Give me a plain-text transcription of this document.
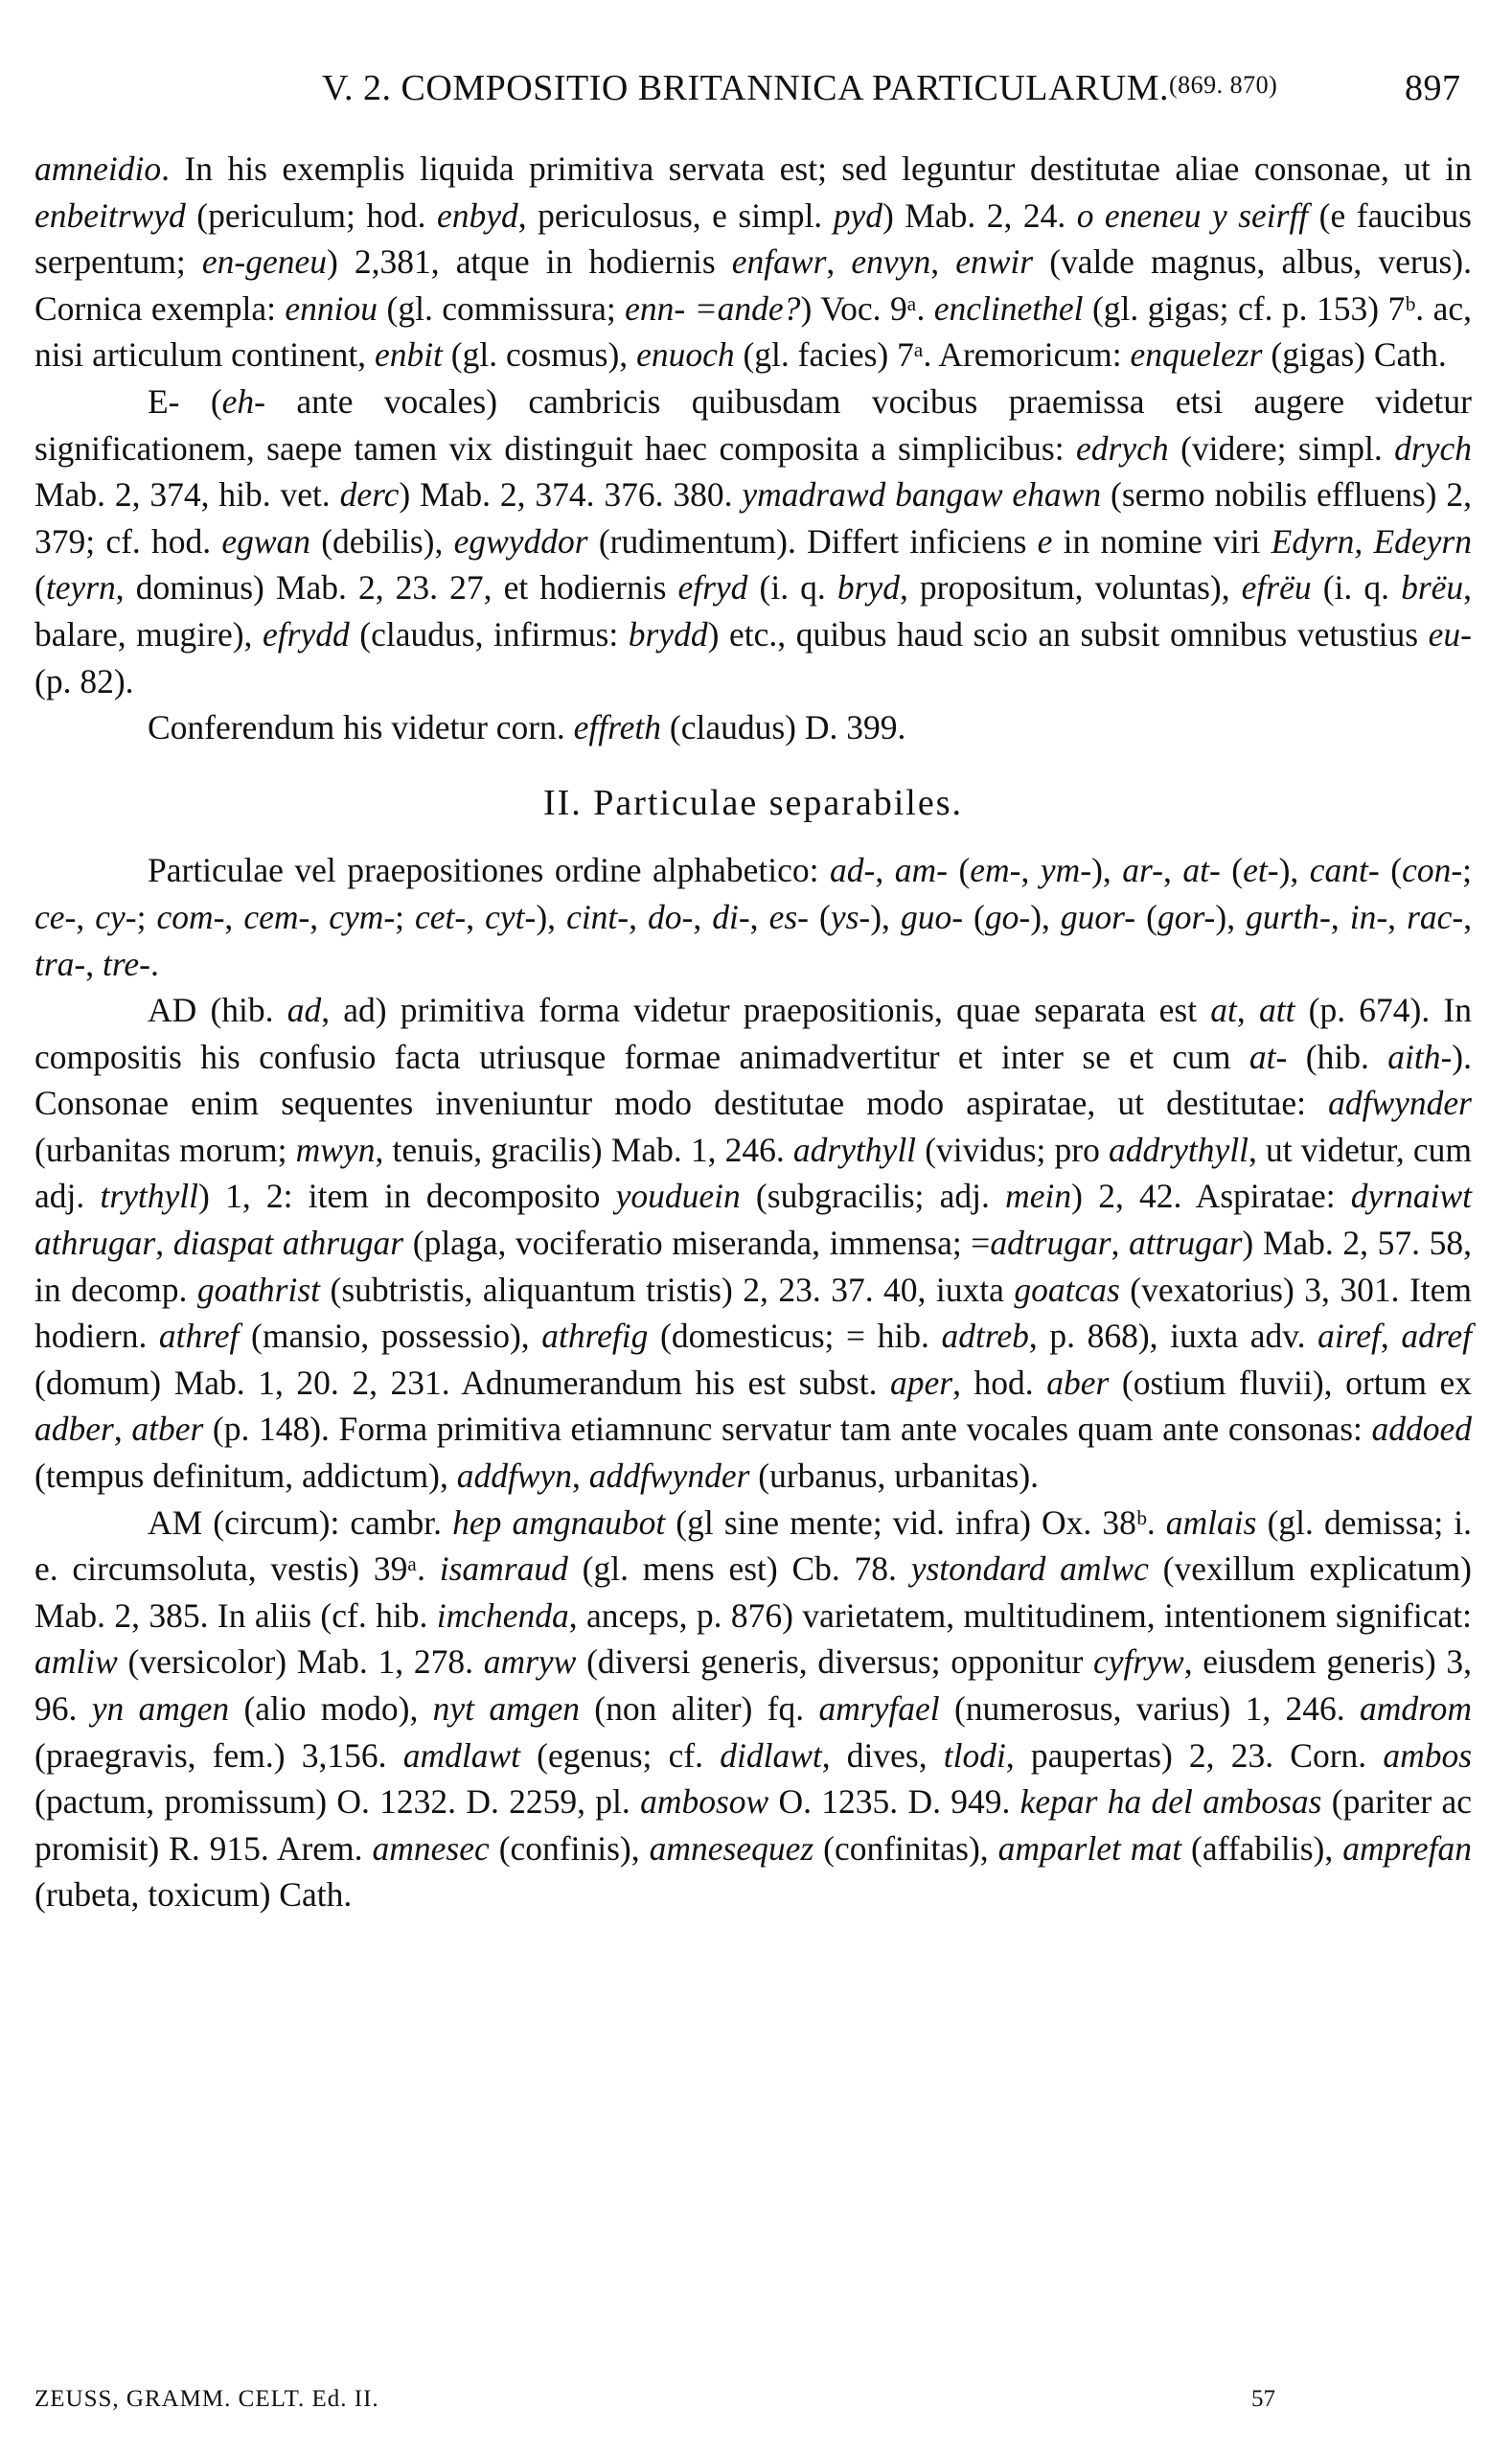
V. 2. COMPOSITIO BRITANNICA PARTICULARUM. (869. 870)	897

amneidio. In his exemplis liquida primitiva servata est; sed leguntur destitutae aliae consonae, ut in enbeitrwyd (periculum; hod. enbyd, periculosus, e simpl. pyd) Mab. 2, 24. o eneneu y seirff (e faucibus serpentum; en-geneu) 2,381, atque in hodiernis enfawr, envyn, enwir (valde magnus, albus, verus). Cornica exempla: enniou (gl. commissura; enn- =ande?) Voc. 9ᵃ. enclinethel (gl. gigas; cf. p. 153) 7ᵇ. ac, nisi articulum continent, enbit (gl. cosmus), enuoch (gl. facies) 7ᵃ. Aremoricum: enquelezr (gigas) Cath.

E- (eh- ante vocales) cambricis quibusdam vocibus praemissa etsi augere videtur significationem, saepe tamen vix distinguit haec composita a simplicibus: edrych (videre; simpl. drych Mab. 2, 374, hib. vet. derc) Mab. 2, 374. 376. 380. ymadrawd bangaw ehawn (sermo nobilis effluens) 2, 379; cf. hod. egwan (debilis), egwyddor (rudimentum). Differt inficiens e in nomine viri Edyrn, Edeyrn (teyrn, dominus) Mab. 2, 23. 27, et hodiernis efryd (i. q. bryd, propositum, voluntas), efrëu (i. q. brëu, balare, mugire), efrydd (claudus, infirmus: brydd) etc., quibus haud scio an subsit omnibus vetustius eu- (p. 82).

Conferendum his videtur corn. effreth (claudus) D. 399.

II. Particulae separabiles.

Particulae vel praepositiones ordine alphabetico: ad-, am- (em-, ym-), ar-, at- (et-), cant- (con-; ce-, cy-; com-, cem-, cym-; cet-, cyt-), cint-, do-, di-, es- (ys-), guo- (go-), guor- (gor-), gurth-, in-, rac-, tra-, tre-.

AD (hib. ad, ad) primitiva forma videtur praepositionis, quae separata est at, att (p. 674). In compositis his confusio facta utriusque formae animadvertitur et inter se et cum at- (hib. aith-). Consonae enim sequentes inveniuntur modo destitutae modo aspiratae, ut destitutae: adfwynder (urbanitas morum; mwyn, tenuis, gracilis) Mab. 1, 246. adrythyll (vividus; pro addrythyll, ut videtur, cum adj. trythyll) 1, 2: item in decomposito youduein (subgracilis; adj. mein) 2, 42. Aspiratae: dyrnaiwt athrugar, diaspat athrugar (plaga, vociferatio miseranda, immensa; =adtrugar, attrugar) Mab. 2, 57. 58, in decomp. goathrist (subtristis, aliquantum tristis) 2, 23. 37. 40, iuxta goatcas (vexatorius) 3, 301. Item hodiern. athref (mansio, possessio), athrefig (domesticus; = hib. adtreb, p. 868), iuxta adv. airef, adref (domum) Mab. 1, 20. 2, 231. Adnumerandum his est subst. aper, hod. aber (ostium fluvii), ortum ex adber, atber (p. 148). Forma primitiva etiamnunc servatur tam ante vocales quam ante consonas: addoed (tempus definitum, addictum), addfwyn, addfwynder (urbanus, urbanitas).

AM (circum): cambr. hep amgnaubot (gl sine mente; vid. infra) Ox. 38ᵇ. amlais (gl. demissa; i. e. circumsoluta, vestis) 39ᵃ. isamraud (gl. mens est) Cb. 78. ystondard amlwc (vexillum explicatum) Mab. 2, 385. In aliis (cf. hib. imchenda, anceps, p. 876) varietatem, multitudinem, intentionem significat: amliw (versicolor) Mab. 1, 278. amryw (diversi generis, diversus; opponitur cyfryw, eiusdem generis) 3, 96. yn amgen (alio modo), nyt amgen (non aliter) fq. amryfael (numerosus, varius) 1, 246. amdrom (praegravis, fem.) 3,156. amdlawt (egenus; cf. didlawt, dives, tlodi, paupertas) 2, 23. Corn. ambos (pactum, promissum) O. 1232. D. 2259, pl. ambosow O. 1235. D. 949. kepar ha del ambosas (pariter ac promisit) R. 915. Arem. amnesec (confinis), amnesequez (confinitas), amparlet mat (affabilis), amprefan (rubeta, toxicum) Cath.

ZEUSS, GRAMM. CELT. Ed. II.	57
